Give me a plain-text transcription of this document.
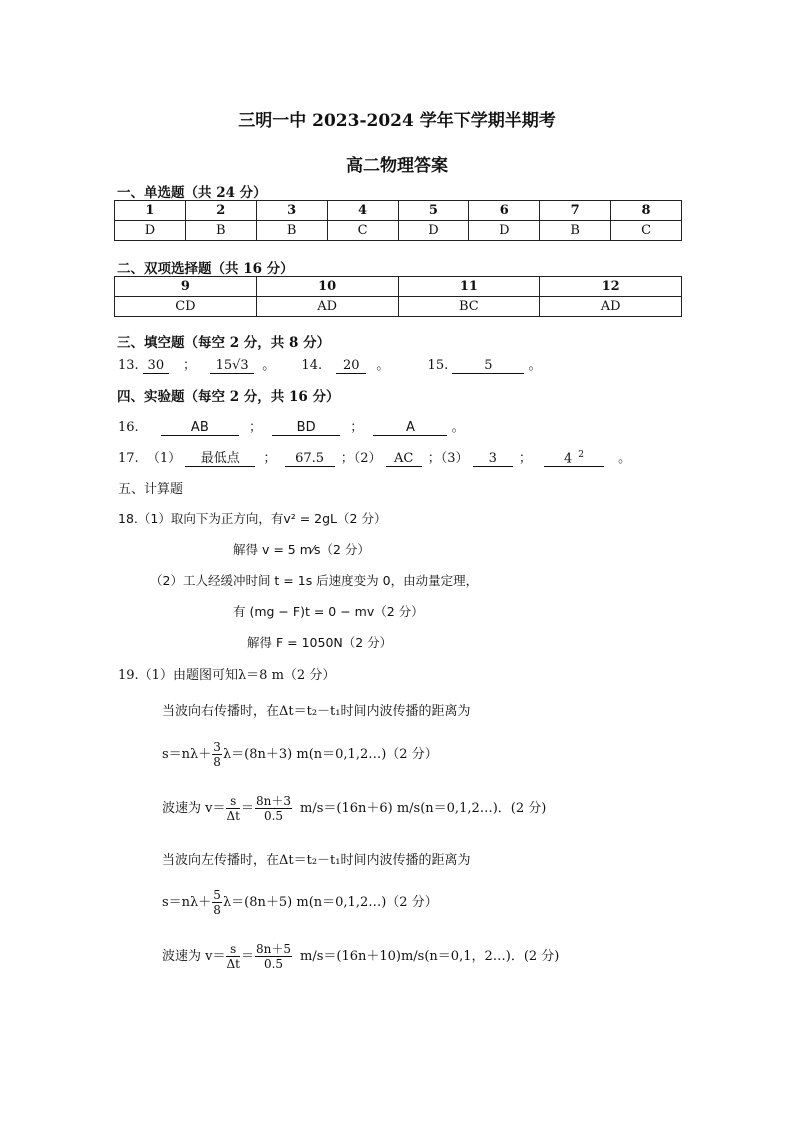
三明一中 2023-2024 学年下学期半期考
高二物理答案
一、单选题（共 24 分）
1	2	3	4	5	6	7	8
D	B	B	C	D	D	B	C
二、双项选择题（共 16 分）
9	10	11	12
CD	AD	BC	AD
三、填空题（每空 2 分，共 8 分）
13. 30 ； 15√3 。 14. 20 。	15.	5	。
四、实验题（每空 2 分，共 16 分）
16.	AB	；	BD	；	A	。
17. （1） 最低点 ； 67.5 ；（2） AC ；（3） 3 ； 4 $^2$	。
五、计算题
18.（1）取向下为正方向，有v² = 2gL（2 分）
解得 v = 5 m⁄s（2 分）
（2）工人经缓冲时间 t = 1s 后速度变为 0，由动量定理，
有 (mg − F)t = 0 − mv（2 分）
解得 F = 1050N（2 分）
19.（1）由题图可知λ＝8 m（2 分）
当波向右传播时，在Δt＝t₂－t₁时间内波传播的距离为
$s=n\lambda+ \frac{3}{8} \lambda=(8n+3)$ m(n＝0,1,2…)（2 分）
波速为 $v= \frac{s}{\Delta t} = \frac{8n+3}{0.5} m/s=(16n+6)$ m/s(n＝0,1,2…)．(2 分)
当波向左传播时，在Δt＝t₂－t₁时间内波传播的距离为
$s=n\lambda+ \frac{5}{8} \lambda=(8n+5)$ m(n＝0,1,2…)（2 分）
波速为 $v= \frac{s}{\Delta t} = \frac{8n+5}{0.5} m/s=(16n+10)m/s(n=0,1$，2…)．(2 分)
